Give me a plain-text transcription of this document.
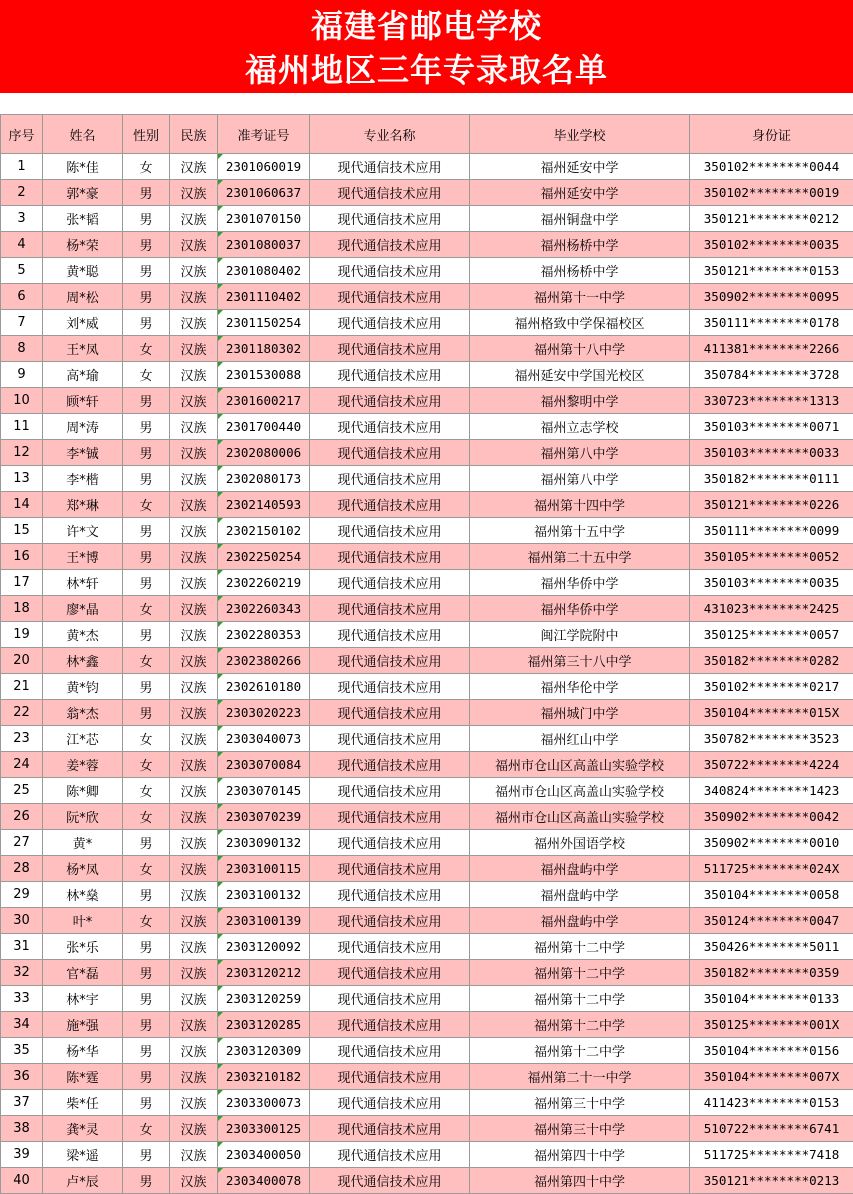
福建省邮电学校
福州地区三年专录取名单
序号	姓名	性别	民族	准考证号	专业名称	毕业学校	身份证
1	陈*佳	女	汉族	2301060019	现代通信技术应用	福州延安中学	350102********0044
2	郭*豪	男	汉族	2301060637	现代通信技术应用	福州延安中学	350102********0019
3	张*韬	男	汉族	2301070150	现代通信技术应用	福州铜盘中学	350121********0212
4	杨*荣	男	汉族	2301080037	现代通信技术应用	福州杨桥中学	350102********0035
5	黄*聪	男	汉族	2301080402	现代通信技术应用	福州杨桥中学	350121********0153
6	周*松	男	汉族	2301110402	现代通信技术应用	福州第十一中学	350902********0095
7	刘*威	男	汉族	2301150254	现代通信技术应用	福州格致中学保福校区	350111********0178
8	王*凤	女	汉族	2301180302	现代通信技术应用	福州第十八中学	411381********2266
9	高*瑜	女	汉族	2301530088	现代通信技术应用	福州延安中学国光校区	350784********3728
10	顾*轩	男	汉族	2301600217	现代通信技术应用	福州黎明中学	330723********1313
11	周*涛	男	汉族	2301700440	现代通信技术应用	福州立志学校	350103********0071
12	李*铖	男	汉族	2302080006	现代通信技术应用	福州第八中学	350103********0033
13	李*楷	男	汉族	2302080173	现代通信技术应用	福州第八中学	350182********0111
14	郑*琳	女	汉族	2302140593	现代通信技术应用	福州第十四中学	350121********0226
15	许*文	男	汉族	2302150102	现代通信技术应用	福州第十五中学	350111********0099
16	王*博	男	汉族	2302250254	现代通信技术应用	福州第二十五中学	350105********0052
17	林*轩	男	汉族	2302260219	现代通信技术应用	福州华侨中学	350103********0035
18	廖*晶	女	汉族	2302260343	现代通信技术应用	福州华侨中学	431023********2425
19	黄*杰	男	汉族	2302280353	现代通信技术应用	闽江学院附中	350125********0057
20	林*鑫	女	汉族	2302380266	现代通信技术应用	福州第三十八中学	350182********0282
21	黄*钧	男	汉族	2302610180	现代通信技术应用	福州华伦中学	350102********0217
22	翁*杰	男	汉族	2303020223	现代通信技术应用	福州城门中学	350104********015X
23	江*芯	女	汉族	2303040073	现代通信技术应用	福州红山中学	350782********3523
24	姜*蓉	女	汉族	2303070084	现代通信技术应用	福州市仓山区高盖山实验学校	350722********4224
25	陈*卿	女	汉族	2303070145	现代通信技术应用	福州市仓山区高盖山实验学校	340824********1423
26	阮*欣	女	汉族	2303070239	现代通信技术应用	福州市仓山区高盖山实验学校	350902********0042
27	黄*	男	汉族	2303090132	现代通信技术应用	福州外国语学校	350902********0010
28	杨*凤	女	汉族	2303100115	现代通信技术应用	福州盘屿中学	511725********024X
29	林*燊	男	汉族	2303100132	现代通信技术应用	福州盘屿中学	350104********0058
30	叶*	女	汉族	2303100139	现代通信技术应用	福州盘屿中学	350124********0047
31	张*乐	男	汉族	2303120092	现代通信技术应用	福州第十二中学	350426********5011
32	官*磊	男	汉族	2303120212	现代通信技术应用	福州第十二中学	350182********0359
33	林*宇	男	汉族	2303120259	现代通信技术应用	福州第十二中学	350104********0133
34	施*强	男	汉族	2303120285	现代通信技术应用	福州第十二中学	350125********001X
35	杨*华	男	汉族	2303120309	现代通信技术应用	福州第十二中学	350104********0156
36	陈*霆	男	汉族	2303210182	现代通信技术应用	福州第二十一中学	350104********007X
37	柴*任	男	汉族	2303300073	现代通信技术应用	福州第三十中学	411423********0153
38	龚*灵	女	汉族	2303300125	现代通信技术应用	福州第三十中学	510722********6741
39	梁*遥	男	汉族	2303400050	现代通信技术应用	福州第四十中学	511725********7418
40	卢*辰	男	汉族	2303400078	现代通信技术应用	福州第四十中学	350121********0213
